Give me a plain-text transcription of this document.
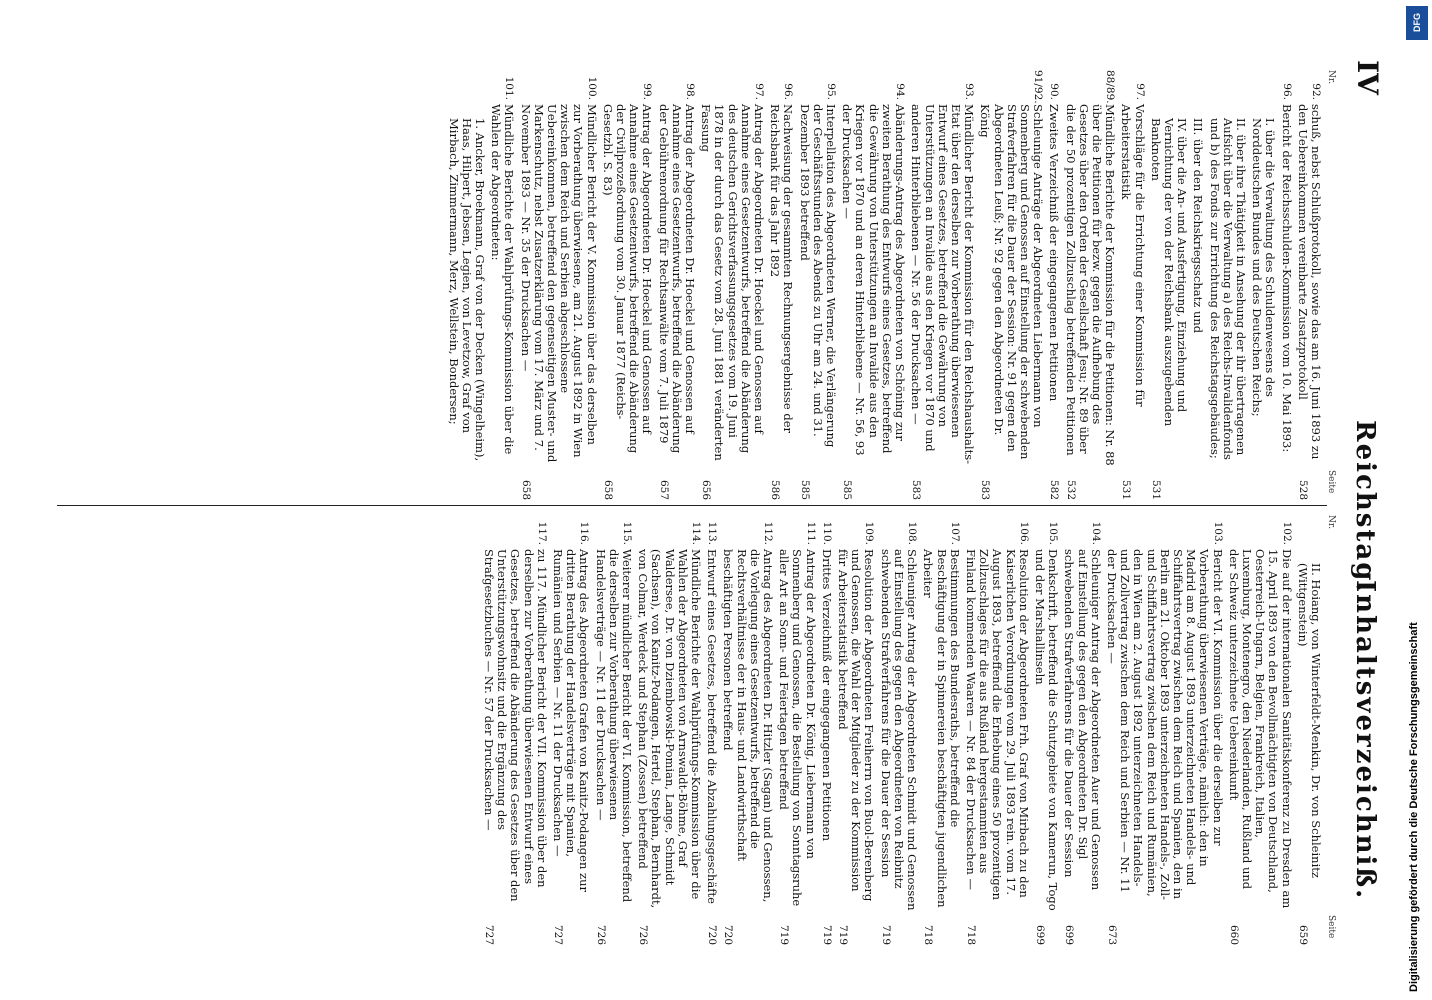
IV
Reichstag.
Inhaltsverzeichniß.
Nr.
Seite
Nr.
Seite
92.
schuß, nebst Schlußprotokoll, sowie das am 16. Juni 1893 zu den Uebereinkommen vereinbarte Zusatzprotokoll
528
96.
Bericht der Reichsschulden-Kommission vom 10. Mai 1893:
I. über die Verwaltung des Schuldenwesens des Norddeutschen Bundes und des Deutschen Reichs;
II. über ihre Thätigkeit in Ansehung der ihr übertragenen Aufsicht über die Verwaltung a) des Reichs-Invalidenfonds und b) des Fonds zur Errichtung des Reichstagsgebäudes;
III. über den Reichskriegsschatz und
IV. über die An- und Ausfertigung, Einziehung und Vernichtung der von der Reichsbank auszugebenden Banknoten
531
97.
Vorschläge für die Errichtung einer Kommission für Arbeiterstatistik
531
88/89.
Mündliche Berichte der Kommission für die Petitionen: Nr. 88 über die Petitionen für bezw. gegen die Aufhebung des Gesetzes über den Orden der Gesellschaft Jesu; Nr. 89 über die der 50 prozentigen Zollzuschlag betreffenden Petitionen
532
90.
Zweites Verzeichniß der eingegangenen Petitionen
582
91/92.
Schleunige Anträge der Abgeordneten Liebermann von Sonnenberg und Genossen auf Einstellung der schwebenden Strafverfahren für die Dauer der Session: Nr. 91 gegen den Abgeordneten Leuß; Nr. 92 gegen den Abgeordneten Dr. König
583
93.
Mündlicher Bericht der Kommission für den Reichshaushalts-Etat über den derselben zur Vorberathung überwiesenen Entwurf eines Gesetzes, betreffend die Gewährung von Unterstützungen an Invalide aus den Kriegen vor 1870 und anderen Hinterbliebenen — Nr. 56 der Drucksachen —
583
94.
Abänderungs-Antrag des Abgeordneten von Schöning zur zweiten Berathung des Entwurfs eines Gesetzes, betreffend die Gewährung von Unterstützungen an Invalide aus den Kriegen vor 1870 und an deren Hinterbliebene — Nr. 56, 93 der Drucksachen —
585
95.
Interpellation des Abgeordneten Werner, die Verlängerung der Geschäftsstunden des Abends zu Uhr am 24. und 31. Dezember 1893 betreffend
585
96.
Nachweisung der gesammten Rechnungsergebnisse der Reichsbank für das Jahr 1892
586
97.
Antrag der Abgeordneten Dr. Hoeckel und Genossen auf Annahme eines Gesetzentwurfs, betreffend die Abänderung des deutschen Gerichtsverfassungsgesetzes vom 19. Juni 1878 in der durch das Gesetz vom 28. Juni 1881 veränderten Fassung
656
98.
Antrag der Abgeordneten Dr. Hoeckel und Genossen auf Annahme eines Gesetzentwurfs, betreffend die Abänderung der Gebührenordnung für Rechtsanwälte vom 7. Juli 1879
657
99.
Antrag der Abgeordneten Dr. Hoeckel und Genossen auf Annahme eines Gesetzentwurfs, betreffend die Abänderung der Civilprozeßordnung vom 30. Januar 1877 (Reichs-Gesetzbl. S. 83)
658
100.
Mündlicher Bericht der V. Kommission über das derselben zur Vorberathung überwiesene, am 21. August 1892 in Wien zwischen dem Reich und Serbien abgeschlossene Uebereinkommen, betreffend den gegenseitigen Muster- und Markenschutz, nebst Zusatzerklärung vom 17. März und 7. November 1893 — Nr. 35 der Drucksachen —
658
101.
Mündliche Berichte der Wahlprüfungs-Kommission über die Wahlen der Abgeordneten:
1. Ancker, Broekmann, Graf von der Decken (Wingelheim), Haas, Hilpert, Jebsen, Legien, von Levetzow, Graf von Mirbach, Zimmermann, Merz, Wellstein, Bondersen;
II. Hoiang, von Winterfeldt-Menkin, Dr. von Schleinitz (Wittgenstein)
659
102.
Die auf der internationalen Sanitätskonferenz zu Dresden am 15. April 1893 von den Bevollmächtigten von Deutschland, Oesterreich-Ungarn, Belgien, Frankreich, Italien, Luxemburg, Montenegro, den Niederlanden, Rußland und der Schweiz unterzeichnete Uebereinkunft
660
103.
Bericht der VI. Kommission über die derselben zur Vorberathung überwiesenen Verträge, nämlich: den in Madrid am 8. August 1893 unterzeichneten Handels- und Schiffahrtsvertrag zwischen dem Reich und Spanien, den in Berlin am 21. Oktober 1893 unterzeichneten Handels-, Zoll- und Schiffahrtsvertrag zwischen dem Reich und Rumänien, den in Wien am 2. August 1892 unterzeichneten Handels- und Zollvertrag zwischen dem Reich und Serbien — Nr. 11 der Drucksachen —
673
104.
Schleuniger Antrag der Abgeordneten Auer und Genossen auf Einstellung des gegen den Abgeordneten Dr. Sigl schwebenden Strafverfahrens für die Dauer der Session
699
105.
Denkschrift, betreffend die Schutzgebiete von Kamerun, Togo und der Marshallinseln
699
106.
Resolution der Abgeordneten Frh. Graf von Mirbach zu den Kaiserlichen Verordnungen vom 29. Juli 1893 rein. vom 17. August 1893, betreffend die Erhebung eines 50 prozentigen Zollzuschlages für die aus Rußland hergestammten aus Finland kommenden Waaren — Nr. 84 der Drucksachen —
718
107.
Bestimmungen des Bundesraths, betreffend die Beschäftigung der in Spinnereien beschäftigten jugendlichen Arbeiter
718
108.
Schleuniger Antrag der Abgeordneten Schmidt und Genossen auf Einstellung des gegen den Abgeordneten von Reibnitz schwebenden Strafverfahrens für die Dauer der Session
719
109.
Resolution der Abgeordneten Freiherrn von Buol-Berenberg und Genossen, die Wahl der Mitglieder zu der Kommission für Arbeiterstatistik betreffend
719
110.
Drittes Verzeichniß der eingegangenen Petitionen
719
111.
Antrag der Abgeordneten Dr. König, Liebermann von Sonnenberg und Genossen, die Bestellung von Sonntagsruhe aller Art an Sonn- und Feiertagen betreffend
719
112.
Antrag des Abgeordneten Dr. Hitzler (Sagan) und Genossen, die Vorlegung eines Gesetzentwurfs, betreffend die Rechtsverhältnisse der in Haus- und Landwirthschaft beschäftigten Personen betreffend
720
113.
Entwurf eines Gesetzes, betreffend die Abzahlungsgeschäfte
720
114.
Mündliche Berichte der Wahlprüfungs-Kommission über die Wahlen der Abgeordneten von Arnswaldt-Böhme, Graf Waldersee, Dr. von Dziembowski-Pomian, Lange, Schmidt (Sachsen), von Kanitz-Podangen, Hertel, Stephan, Bernhardt, von Colmar, Werdeck und Stephan (Zossen) betreffend
726
115.
Weiterer mündlicher Bericht der VI. Kommission, betreffend die derselben zur Vorberathung überwiesenen Handelsverträge — Nr. 11 der Drucksachen —
726
116.
Antrag des Abgeordneten Grafen von Kanitz-Podangen zur dritten Berathung der Handelsverträge mit Spanien, Rumänien und Serbien — Nr. 11 der Drucksachen —
727
117.
zu 117. Mündlicher Bericht der VII. Kommission über den derselben zur Vorberathung überwiesenen Entwurf eines Gesetzes, betreffend die Abänderung des Gesetzes über den Unterstützungswohnsitz und die Ergänzung des Strafgesetzbuches — Nr. 57 der Drucksachen —
727
DFG
Digitalisierung gefördert durch die Deutsche Forschungsgemeinschaft
